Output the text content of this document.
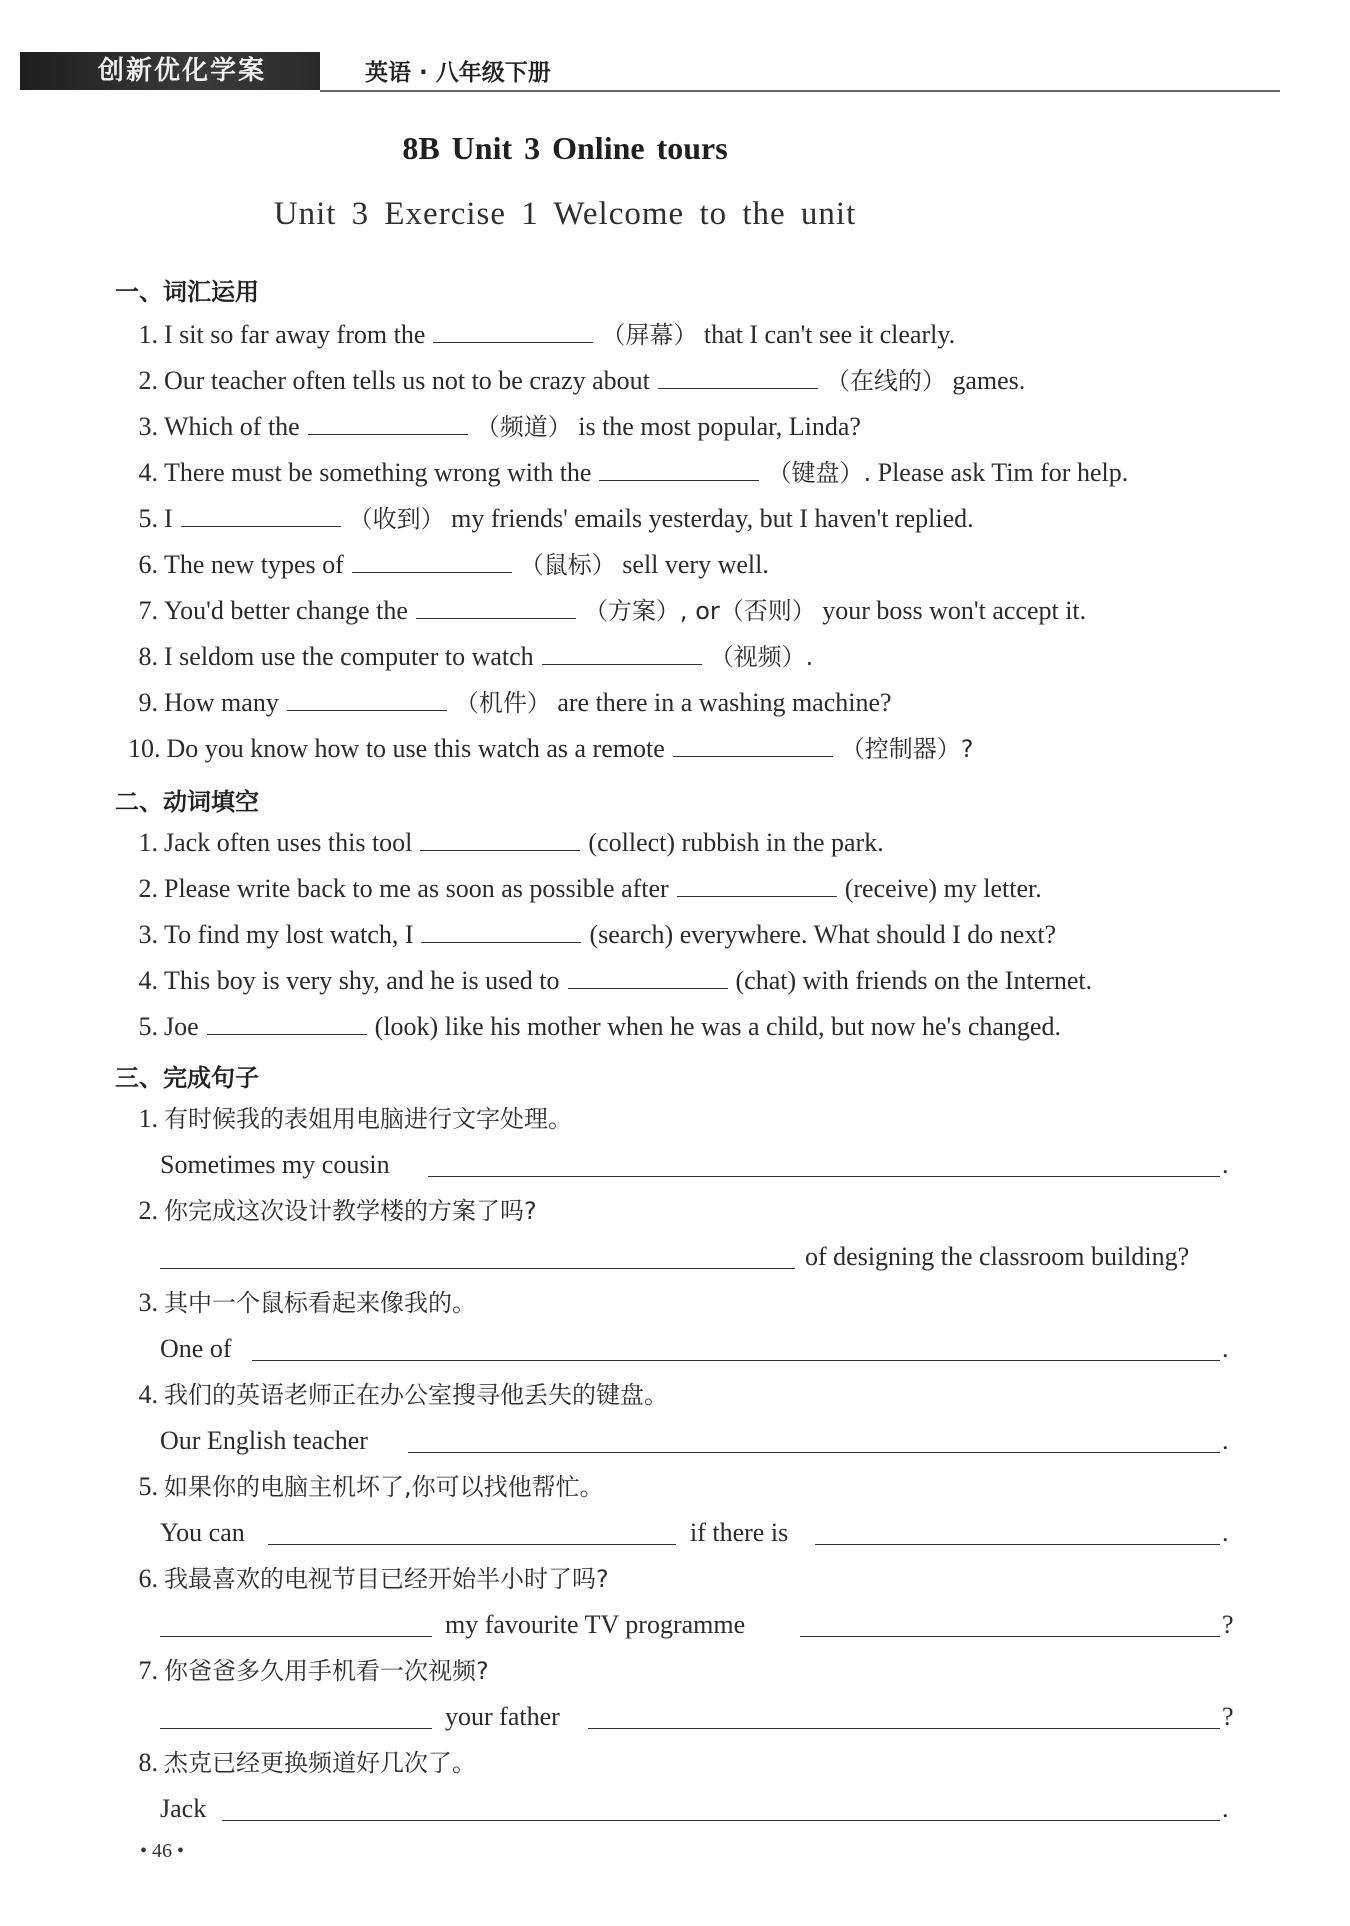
创新优化学案	英语 · 八年级下册
8B Unit 3 Online tours
Unit 3 Exercise 1 Welcome to the unit
一、词汇运用
1. I sit so far away from the	（屏幕） that I can't see it clearly.
2. Our teacher often tells us not to be crazy about	（在线的） games.
3. Which of the	（频道） is the most popular, Linda?
4. There must be something wrong with the	（键盘）. Please ask Tim for help.
5. I	（收到） my friends' emails yesterday, but I haven't replied.
6. The new types of	（鼠标） sell very well.
7. You'd better change the	（方案）, or（否则） your boss won't accept it.
8. I seldom use the computer to watch	（视频）.
9. How many	（机件） are there in a washing machine?
10. Do you know how to use this watch as a remote	（控制器）?
二、动词填空
1. Jack often uses this tool	(collect) rubbish in the park.
2. Please write back to me as soon as possible after	(receive) my letter.
3. To find my lost watch, I	(search) everywhere. What should I do next?
4. This boy is very shy, and he is used to	(chat) with friends on the Internet.
5. Joe	(look) like his mother when he was a child, but now he's changed.
三、完成句子
1. 有时候我的表姐用电脑进行文字处理。
Sometimes my cousin	.
2. 你完成这次设计教学楼的方案了吗?
of designing the classroom building?
3. 其中一个鼠标看起来像我的。
One of	.
4. 我们的英语老师正在办公室搜寻他丢失的键盘。
Our English teacher	.
5. 如果你的电脑主机坏了,你可以找他帮忙。
You can	if there is	.
6. 我最喜欢的电视节目已经开始半小时了吗?
my favourite TV programme	?
7. 你爸爸多久用手机看一次视频?
your father	?
8. 杰克已经更换频道好几次了。
Jack	.
• 46 •
